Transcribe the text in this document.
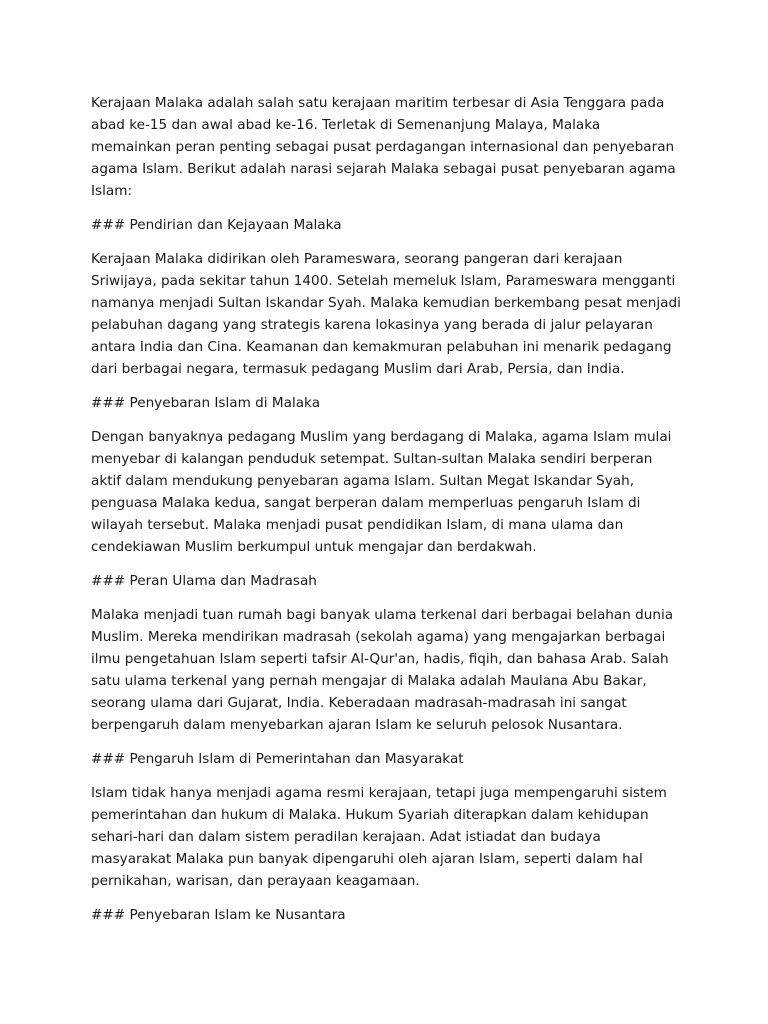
Kerajaan Malaka adalah salah satu kerajaan maritim terbesar di Asia Tenggara pada abad ke-15 dan awal abad ke-16. Terletak di Semenanjung Malaya, Malaka memainkan peran penting sebagai pusat perdagangan internasional dan penyebaran agama Islam. Berikut adalah narasi sejarah Malaka sebagai pusat penyebaran agama Islam:

### Pendirian dan Kejayaan Malaka

Kerajaan Malaka didirikan oleh Parameswara, seorang pangeran dari kerajaan Sriwijaya, pada sekitar tahun 1400. Setelah memeluk Islam, Parameswara mengganti namanya menjadi Sultan Iskandar Syah. Malaka kemudian berkembang pesat menjadi pelabuhan dagang yang strategis karena lokasinya yang berada di jalur pelayaran antara India dan Cina. Keamanan dan kemakmuran pelabuhan ini menarik pedagang dari berbagai negara, termasuk pedagang Muslim dari Arab, Persia, dan India.

### Penyebaran Islam di Malaka

Dengan banyaknya pedagang Muslim yang berdagang di Malaka, agama Islam mulai menyebar di kalangan penduduk setempat. Sultan-sultan Malaka sendiri berperan aktif dalam mendukung penyebaran agama Islam. Sultan Megat Iskandar Syah, penguasa Malaka kedua, sangat berperan dalam memperluas pengaruh Islam di wilayah tersebut. Malaka menjadi pusat pendidikan Islam, di mana ulama dan cendekiawan Muslim berkumpul untuk mengajar dan berdakwah.

### Peran Ulama dan Madrasah

Malaka menjadi tuan rumah bagi banyak ulama terkenal dari berbagai belahan dunia Muslim. Mereka mendirikan madrasah (sekolah agama) yang mengajarkan berbagai ilmu pengetahuan Islam seperti tafsir Al-Qur'an, hadis, fiqih, dan bahasa Arab. Salah satu ulama terkenal yang pernah mengajar di Malaka adalah Maulana Abu Bakar, seorang ulama dari Gujarat, India. Keberadaan madrasah-madrasah ini sangat berpengaruh dalam menyebarkan ajaran Islam ke seluruh pelosok Nusantara.

### Pengaruh Islam di Pemerintahan dan Masyarakat

Islam tidak hanya menjadi agama resmi kerajaan, tetapi juga mempengaruhi sistem pemerintahan dan hukum di Malaka. Hukum Syariah diterapkan dalam kehidupan sehari-hari dan dalam sistem peradilan kerajaan. Adat istiadat dan budaya masyarakat Malaka pun banyak dipengaruhi oleh ajaran Islam, seperti dalam hal pernikahan, warisan, dan perayaan keagamaan.

### Penyebaran Islam ke Nusantara
